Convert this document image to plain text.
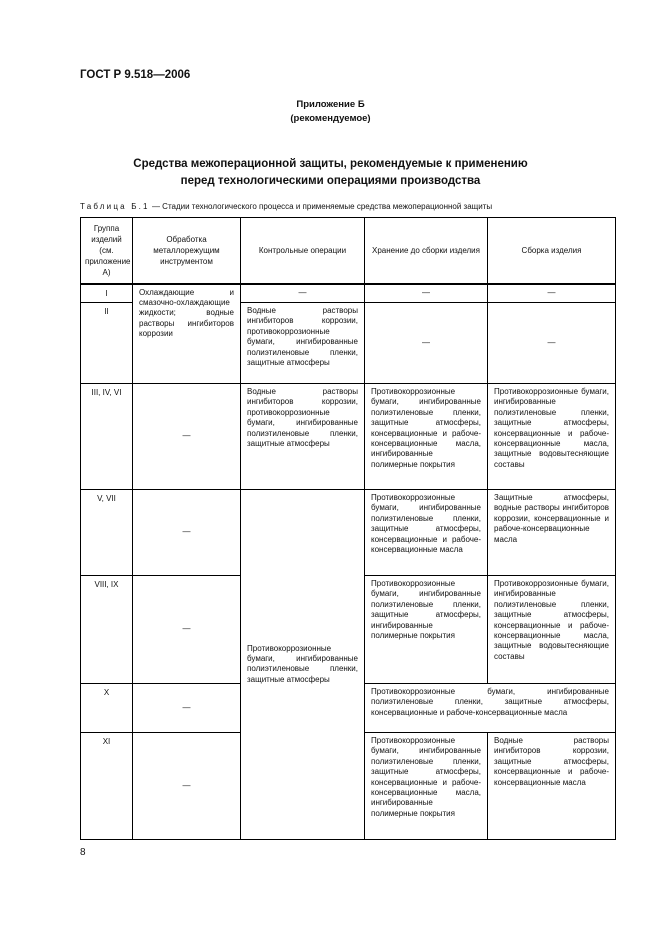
ГОСТ Р 9.518—2006
Приложение Б
(рекомендуемое)
Средства межоперационной защиты, рекомендуемые к применению
перед технологическими операциями производства
Таблица Б.1 — Стадии технологического процесса и применяемые средства межоперационной защиты
Группа изделий (см. приложение А)	Обработка металлорежущим инструментом	Контрольные операции	Хранение до сборки изделия	Сборка изделия
I	Охлаждающие и смазочно-охлаждающие жидкости; водные растворы ингибиторов коррозии	—	—	—
II		Водные растворы ингибиторов коррозии, противокоррозионные бумаги, ингибированные полиэтиленовые пленки, защитные атмосферы	—	—
III, IV, VI	—	Водные растворы ингибиторов коррозии, противокоррозионные бумаги, ингибированные полиэтиленовые пленки, защитные атмосферы	Противокоррозионные бумаги, ингибированные полиэтиленовые пленки, защитные атмосферы, консервационные и рабоче-консервационные масла, ингибированные полимерные покрытия	Противокоррозионные бумаги, ингибированные полиэтиленовые пленки, защитные атмосферы, консервационные и рабоче-консервационные масла, защитные водовытесняющие составы
V, VII	—	Противокоррозионные бумаги, ингибированные полиэтиленовые пленки, защитные атмосферы	Противокоррозионные бумаги, ингибированные полиэтиленовые пленки, защитные атмосферы, консервационные и рабоче-консервационные масла	Защитные атмосферы, водные растворы ингибиторов коррозии, консервационные и рабоче-консервационные масла
VIII, IX	—		Противокоррозионные бумаги, ингибированные полиэтиленовые пленки, защитные атмосферы, ингибированные полимерные покрытия	Противокоррозионные бумаги, ингибированные полиэтиленовые пленки, защитные атмосферы, консервационные и рабоче-консервационные масла, защитные водовытесняющие составы
X	—		Противокоррозионные бумаги, ингибированные полиэтиленовые пленки, защитные атмосферы, консервационные и рабоче-консервационные масла	
XI	—		Противокоррозионные бумаги, ингибированные полиэтиленовые пленки, защитные атмосферы, консервационные и рабоче-консервационные масла, ингибированные полимерные покрытия	Водные растворы ингибиторов коррозии, защитные атмосферы, консервационные и рабоче-консервационные масла
8
